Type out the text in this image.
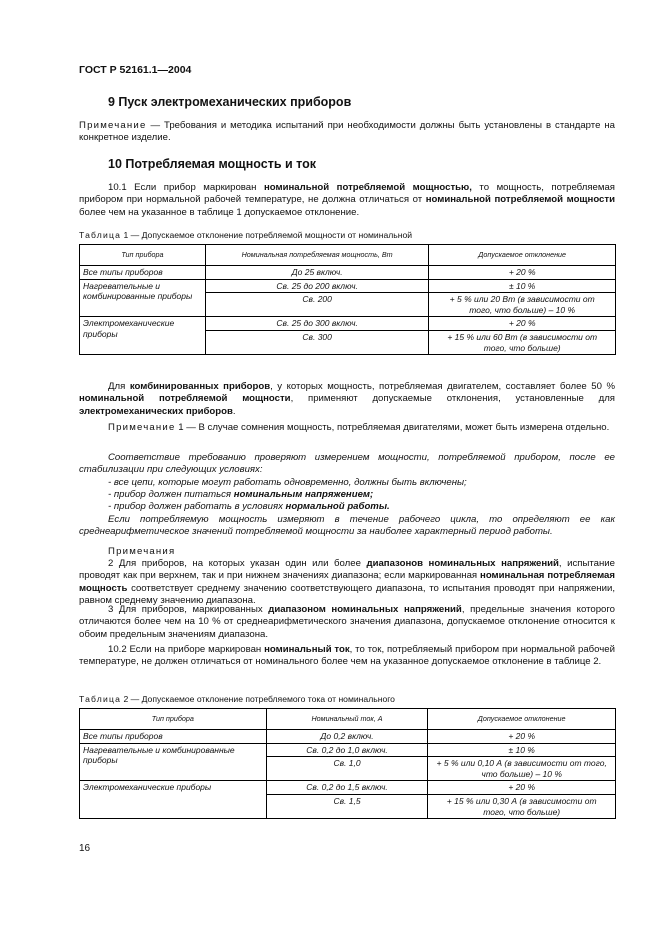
ГОСТ Р 52161.1—2004
9 Пуск электромеханических приборов
Примечание — Требования и методика испытаний при необходимости должны быть установлены в стандарте на конкретное изделие.
10 Потребляемая мощность и ток
10.1 Если прибор маркирован номинальной потребляемой мощностью, то мощность, потребляемая прибором при нормальной рабочей температуре, не должна отличаться от номинальной потребляемой мощности более чем на указанное в таблице 1 допускаемое отклонение.
Таблица 1 — Допускаемое отклонение потребляемой мощности от номинальной
Тип прибора	Номинальная потребляемая мощность, Вт	Допускаемое отклонение
Все типы приборов	До 25 включ.	+ 20 %
Нагревательные и комбинированные приборы	Св. 25 до 200 включ.	± 10 %
	Св. 200	+ 5 % или 20 Вт (в зависимости от того, что больше) – 10 %
Электромеханические приборы	Св. 25 до 300 включ.	+ 20 %
	Св. 300	+ 15 % или 60 Вт (в зависимости от того, что больше)
Для комбинированных приборов, у которых мощность, потребляемая двигателем, составляет более 50 % номинальной потребляемой мощности, применяют допускаемые отклонения, установленные для электромеханических приборов.
Примечание 1 — В случае сомнения мощность, потребляемая двигателями, может быть измерена отдельно.
Соответствие требованию проверяют измерением мощности, потребляемой прибором, после ее стабилизации при следующих условиях:
- все цепи, которые могут работать одновременно, должны быть включены;
- прибор должен питаться номинальным напряжением;
- прибор должен работать в условиях нормальной работы.
Если потребляемую мощность измеряют в течение рабочего цикла, то определяют ее как среднеарифметическое значений потребляемой мощности за наиболее характерный период работы.
Примечания
2 Для приборов, на которых указан один или более диапазонов номинальных напряжений, испытание проводят как при верхнем, так и при нижнем значениях диапазона; если маркированная номинальная потребляемая мощность соответствует среднему значению соответствующего диапазона, то испытания проводят при напряжении, равном среднему значению диапазона.
3 Для приборов, маркированных диапазоном номинальных напряжений, предельные значения которого отличаются более чем на 10 % от среднеарифметического значения диапазона, допускаемое отклонение относится к обоим предельным значениям диапазона.
10.2 Если на приборе маркирован номинальный ток, то ток, потребляемый прибором при нормальной рабочей температуре, не должен отличаться от номинального более чем на указанное допускаемое отклонение в таблице 2.
Таблица 2 — Допускаемое отклонение потребляемого тока от номинального
Тип прибора	Номинальный ток, А	Допускаемое отклонение
Все типы приборов	До 0,2 включ.	+ 20 %
Нагревательные и комбинированные приборы	Св. 0,2 до 1,0 включ.	± 10 %
	Св. 1,0	+ 5 % или 0,10 А (в зависимости от того, что больше) – 10 %
Электромеханические приборы	Св. 0,2 до 1,5 включ.	+ 20 %
	Св. 1,5	+ 15 % или 0,30 А (в зависимости от того, что больше)
16
